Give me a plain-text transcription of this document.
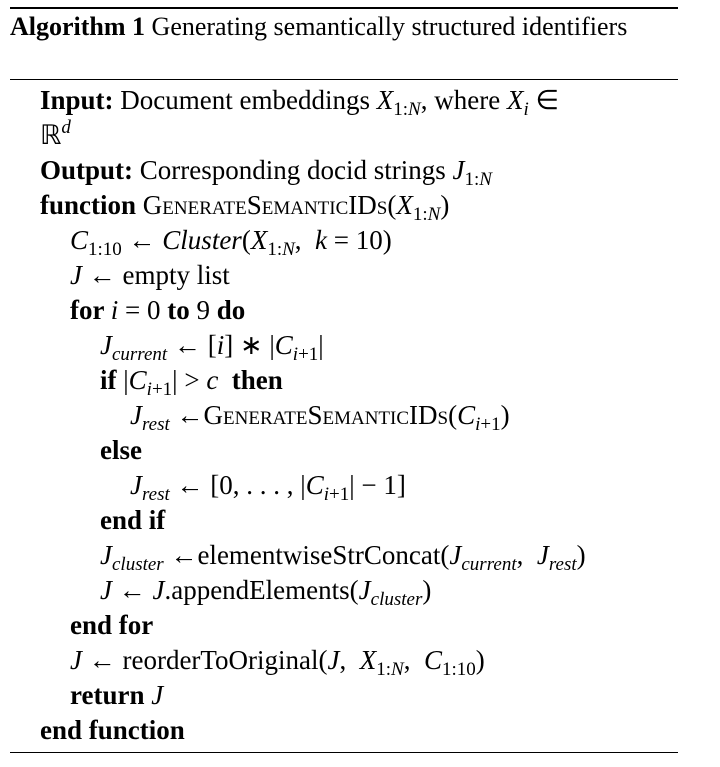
Algorithm 1 Generating semantically structured identifiers
Input: Document embeddings $X_{1:N}$, where $X_i$ ∈
ℝ$^d$
Output: Corresponding docid strings $J_{1:N}$
function $GenerateSemanticIDs(X_{1:N})$
$C_{1:10}$ ← $Cluster(X_{1:N}$,  k = 10)
J ← empty list
for i = 0 to 9 do
$J_{current}$ ← [i] ∗ $|C_{i+1}|$
if $|C_{i+1}| > c$  then
$J_{rest}$ $\leftarrow GenerateSemanticIDs(C_{i+1})$
else
$J_{rest}$ ← [0, . . . , $|C_{i+1}| - 1$]
end if
$J_{cluster}$ $\leftarrow elementwiseStrConcat(J_{current}$,  $J_{rest}$)
J ← $J.appendElements(J_{cluster})$
end for
J ← reorderToOriginal(J,  $X_{1:N}$,  $C_{1:10}$)
return J
end function
